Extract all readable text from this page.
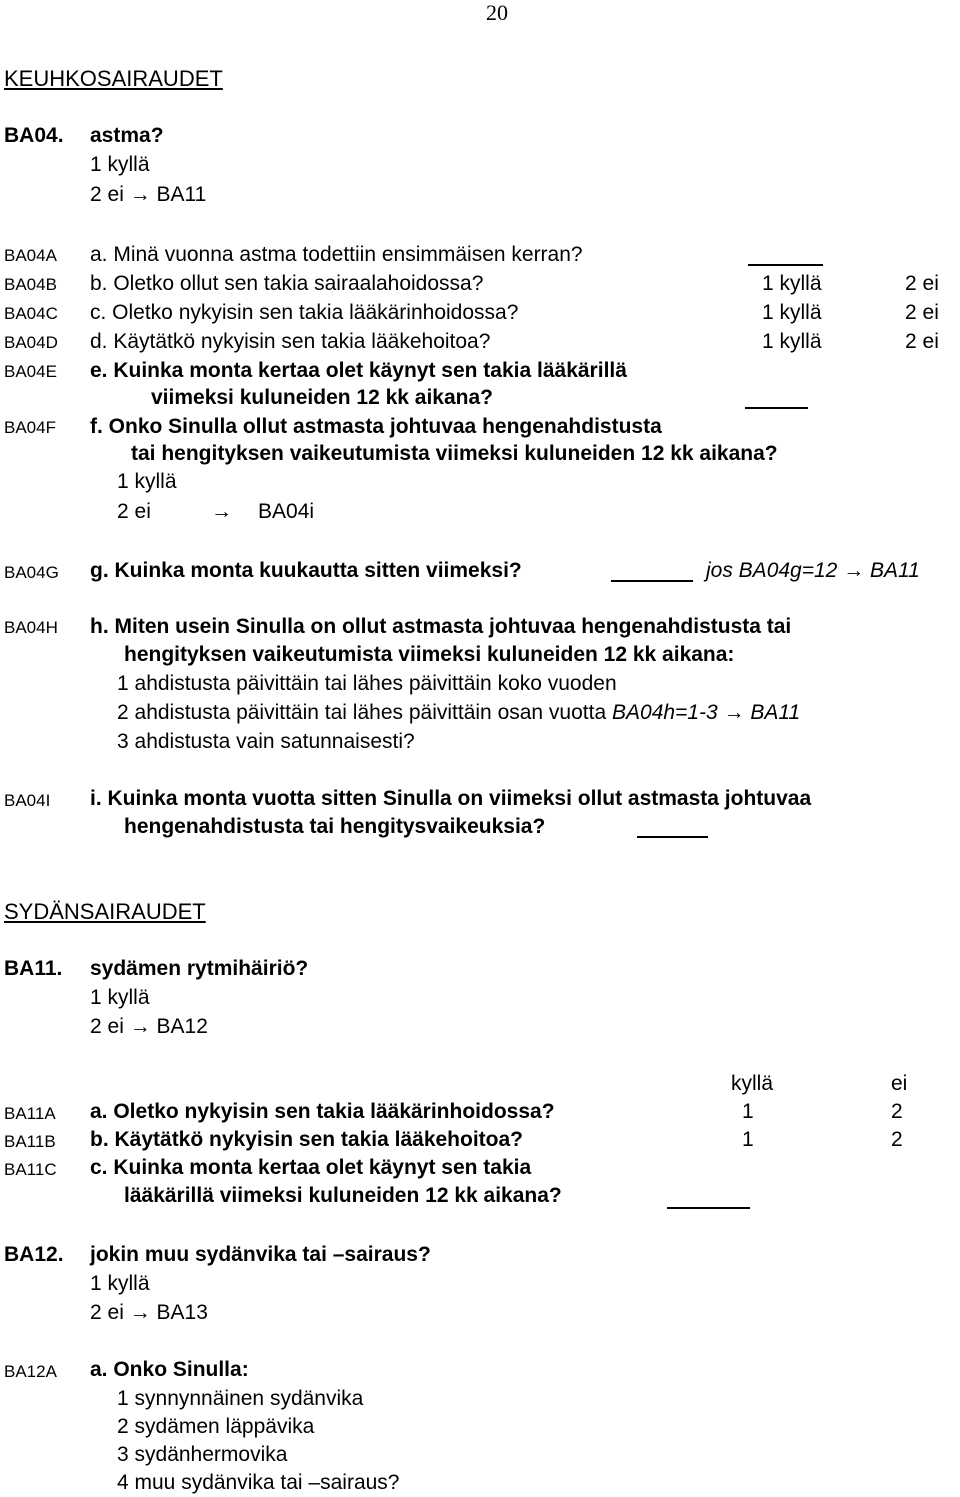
20
KEUHKOSAIRAUDET
BA04. astma?
1 kyllä
2 ei → BA11
BA04A a. Minä vuonna astma todettiin ensimmäisen kerran?
BA04B b. Oletko ollut sen takia sairaalahoidossa?	1 kyllä	2 ei
BA04C c. Oletko nykyisin sen takia lääkärinhoidossa?	1 kyllä	2 ei
BA04D d. Käytätkö nykyisin sen takia lääkehoitoa?	1 kyllä	2 ei
BA04E e. Kuinka monta kertaa olet käynyt sen takia lääkärillä
viimeksi kuluneiden 12 kk aikana?
BA04F f. Onko Sinulla ollut astmasta johtuvaa hengenahdistusta
tai hengityksen vaikeutumista viimeksi kuluneiden 12 kk aikana?
1 kyllä
2 ei	→ BA04i
BA04G g. Kuinka monta kuukautta sitten viimeksi?	jos BA04g=12 → BA11
BA04H h. Miten usein Sinulla on ollut astmasta johtuvaa hengenahdistusta tai
hengityksen vaikeutumista viimeksi kuluneiden 12 kk aikana:
1 ahdistusta päivittäin tai lähes päivittäin koko vuoden
2 ahdistusta päivittäin tai lähes päivittäin osan vuotta BA04h=1-3 → BA11
3 ahdistusta vain satunnaisesti?
BA04I i. Kuinka monta vuotta sitten Sinulla on viimeksi ollut astmasta johtuvaa
hengenahdistusta tai hengitysvaikeuksia?
SYDÄNSAIRAUDET
BA11. sydämen rytmihäiriö?
1 kyllä
2 ei → BA12
kyllä	ei
BA11A a. Oletko nykyisin sen takia lääkärinhoidossa?	1	2
BA11B b. Käytätkö nykyisin sen takia lääkehoitoa?	1	2
BA11C c. Kuinka monta kertaa olet käynyt sen takia
lääkärillä viimeksi kuluneiden 12 kk aikana?
BA12. jokin muu sydänvika tai –sairaus?
1 kyllä
2 ei → BA13
BA12A a. Onko Sinulla:
1 synnynnäinen sydänvika
2 sydämen läppävika
3 sydänhermovika
4 muu sydänvika tai –sairaus?
